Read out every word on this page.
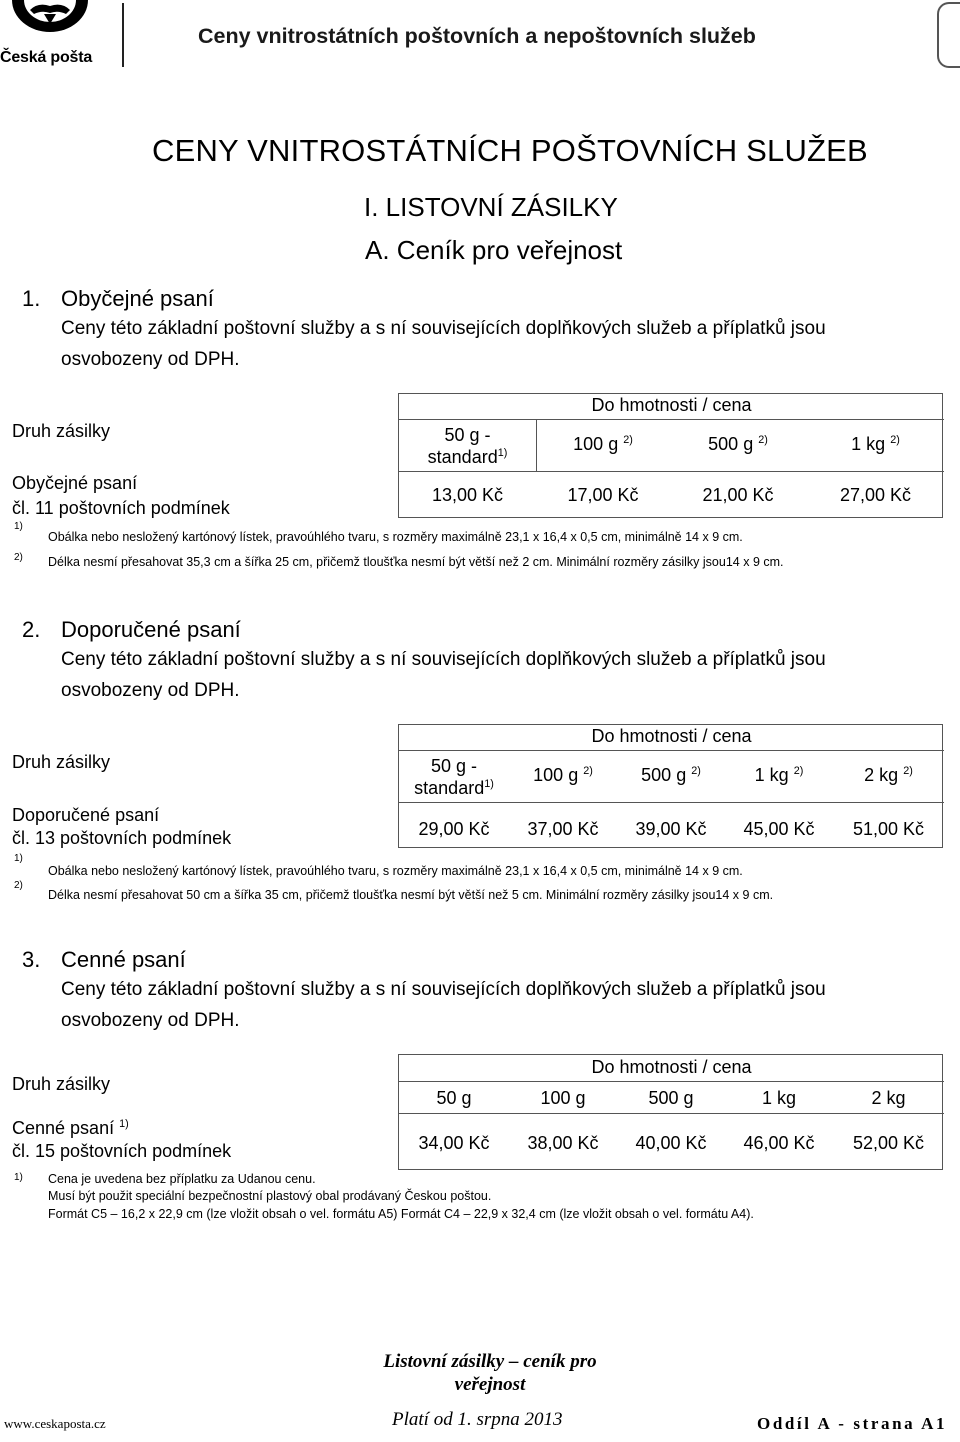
Česká pošta
Ceny vnitrostátních poštovních a nepoštovních služeb
CENY VNITROSTÁTNÍCH POŠTOVNÍCH SLUŽEB
I. LISTOVNÍ ZÁSILKY
A. Ceník pro veřejnost
1. Obyčejné psaní
Ceny této základní poštovní služby a s ní souvisejících doplňkových služeb a příplatků jsou
osvobozeny od DPH.
Druh zásilky
Obyčejné psaní
čl. 11 poštovních podmínek
Do hmotnosti / cena
50 g -
standard$^{1)}$	100 g $^{2)}$	500 g $^{2)}$	1 kg $^{2)}$
13,00 Kč	17,00 Kč	21,00 Kč	27,00 Kč
1)
Obálka nebo nesložený kartónový lístek, pravoúhlého tvaru, s rozměry maximálně 23,1 x 16,4 x 0,5 cm, minimálně 14 x 9 cm.
2) Délka nesmí přesahovat 35,3 cm a šířka 25 cm, přičemž tloušťka nesmí být větší než 2 cm. Minimální rozměry zásilky jsou14 x 9 cm.
2. Doporučené psaní
Ceny této základní poštovní služby a s ní souvisejících doplňkových služeb a příplatků jsou
osvobozeny od DPH.
Druh zásilky
Doporučené psaní
čl. 13 poštovních podmínek
Do hmotnosti / cena
50 g -
standard$^{1)}$	100 g $^{2)}$	500 g $^{2)}$	1 kg $^{2)}$	2 kg $^{2)}$
29,00 Kč	37,00 Kč	39,00 Kč	45,00 Kč	51,00 Kč
1)
Obálka nebo nesložený kartónový lístek, pravoúhlého tvaru, s rozměry maximálně 23,1 x 16,4 x 0,5 cm, minimálně 14 x 9 cm.
2)
Délka nesmí přesahovat 50 cm a šířka 35 cm, přičemž tloušťka nesmí být větší než 5 cm. Minimální rozměry zásilky jsou14 x 9 cm.
3. Cenné psaní
Ceny této základní poštovní služby a s ní souvisejících doplňkových služeb a příplatků jsou
osvobozeny od DPH.
Druh zásilky
Cenné psaní $^{1)}$
čl. 15 poštovních podmínek
Do hmotnosti / cena
50 g	100 g	500 g	1 kg	2 kg
34,00 Kč	38,00 Kč	40,00 Kč	46,00 Kč	52,00 Kč
1) Cena je uvedena bez příplatku za Udanou cenu.
Musí být použit speciální bezpečnostní plastový obal prodávaný Českou poštou.
Formát C5 – 16,2 x 22,9 cm (lze vložit obsah o vel. formátu A5) Formát C4 – 22,9 x 32,4 cm (lze vložit obsah o vel. formátu A4).
Listovní zásilky – ceník pro
veřejnost
www.ceskaposta.cz	Platí od 1. srpna 2013	Oddíl A - strana A1
